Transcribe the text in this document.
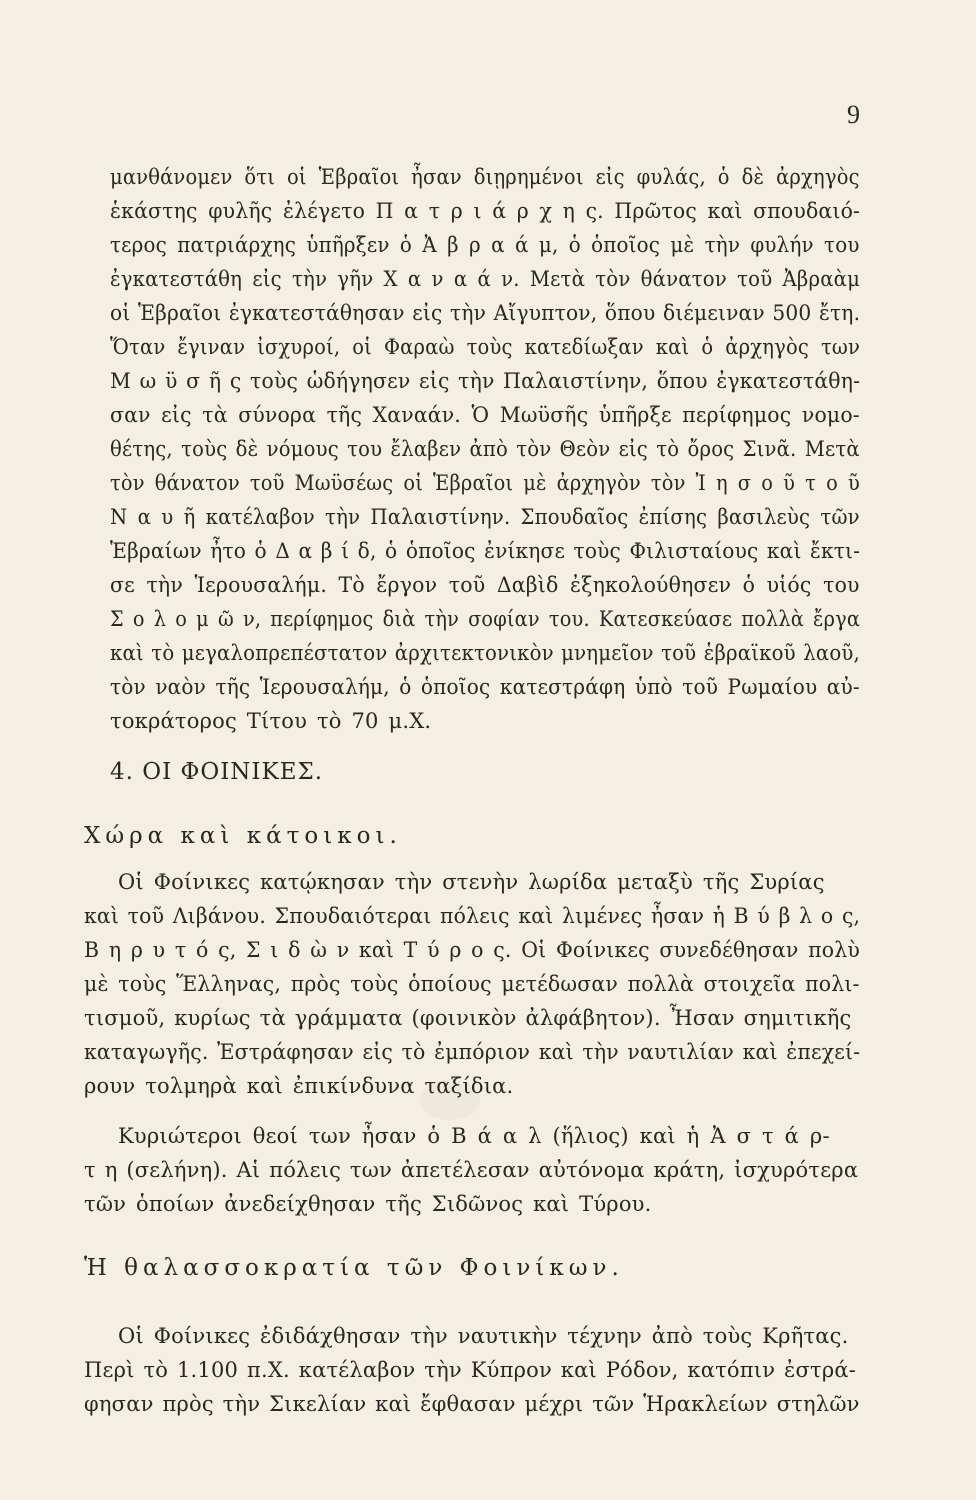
9
μανθάνομεν ὅτι οἱ Ἑβραῖοι ἦσαν διῃρημένοι εἰς φυλάς, ὁ δὲ ἀρχηγὸς
ἑκάστης φυλῆς ἐλέγετο Π α τ ρ ι ά ρ χ η ς. Πρῶτος καὶ σπουδαιό-
τερος πατριάρχης ὑπῆρξεν ὁ Ἀ β ρ α ά μ, ὁ ὁποῖος μὲ τὴν φυλήν του
ἐγκατεστάθη εἰς τὴν γῆν Χ α ν α ά ν. Μετὰ τὸν θάνατον τοῦ Ἀβραὰμ
οἱ Ἑβραῖοι ἐγκατεστάθησαν εἰς τὴν Αἴγυπτον, ὅπου διέμειναν 500 ἔτη.
Ὅταν ἔγιναν ἰσχυροί, οἱ Φαραὼ τοὺς κατεδίωξαν καὶ ὁ ἀρχηγὸς των
Μ ω ϋ σ ῆ ς τοὺς ὡδήγησεν εἰς τὴν Παλαιστίνην, ὅπου ἐγκατεστάθη-
σαν εἰς τὰ σύνορα τῆς Χαναάν. Ὁ Μωϋσῆς ὑπῆρξε περίφημος νομο-
θέτης, τοὺς δὲ νόμους του ἔλαβεν ἀπὸ τὸν Θεὸν εἰς τὸ ὄρος Σινᾶ. Μετὰ
τὸν θάνατον τοῦ Μωϋσέως οἱ Ἑβραῖοι μὲ ἀρχηγὸν τὸν Ἰ η σ ο ῦ τ ο ῦ
Ν α υ ῆ κατέλαβον τὴν Παλαιστίνην. Σπουδαῖος ἐπίσης βασιλεὺς τῶν
Ἑβραίων ἦτο ὁ Δ α β ί δ, ὁ ὁποῖος ἐνίκησε τοὺς Φιλισταίους καὶ ἔκτι-
σε τὴν Ἱερουσαλήμ. Τὸ ἔργον τοῦ Δαβὶδ ἐξηκολούθησεν ὁ υἱός του
Σ ο λ ο μ ῶ ν, περίφημος διὰ τὴν σοφίαν του. Κατεσκεύασε πολλὰ ἔργα
καὶ τὸ μεγαλοπρεπέστατον ἀρχιτεκτονικὸν μνημεῖον τοῦ ἑβραϊκοῦ λαοῦ,
τὸν ναὸν τῆς Ἱερουσαλήμ, ὁ ὁποῖος κατεστράφη ὑπὸ τοῦ Ρωμαίου αὐ-
τοκράτορος Τίτου τὸ 70 μ.Χ.
4. ΟΙ ΦΟΙΝΙΚΕΣ.
Χώρα καὶ κάτοικοι.
Οἱ Φοίνικες κατῴκησαν τὴν στενὴν λωρίδα μεταξὺ τῆς Συρίας
καὶ τοῦ Λιβάνου. Σπουδαιότεραι πόλεις καὶ λιμένες ἦσαν ἡ Β ύ β λ ο ς,
Β η ρ υ τ ό ς, Σ ι δ ὼ ν καὶ Τ ύ ρ ο ς. Οἱ Φοίνικες συνεδέθησαν πολὺ
μὲ τοὺς Ἕλληνας, πρὸς τοὺς ὁποίους μετέδωσαν πολλὰ στοιχεῖα πολι-
τισμοῦ, κυρίως τὰ γράμματα (φοινικὸν ἀλφάβητον). Ἦσαν σημιτικῆς
καταγωγῆς. Ἐστράφησαν εἰς τὸ ἐμπόριον καὶ τὴν ναυτιλίαν καὶ ἐπεχεί-
ρουν τολμηρὰ καὶ ἐπικίνδυνα ταξίδια.
Κυριώτεροι θεοί των ἦσαν ὁ Β ά α λ (ἥλιος) καὶ ἡ Ἀ σ τ ά ρ-
τ η (σελήνη). Αἱ πόλεις των ἀπετέλεσαν αὐτόνομα κράτη, ἰσχυρότερα
τῶν ὁποίων ἀνεδείχθησαν τῆς Σιδῶνος καὶ Τύρου.
Ἡ θαλασσοκρατία τῶν Φοινίκων.
Οἱ Φοίνικες ἐδιδάχθησαν τὴν ναυτικὴν τέχνην ἀπὸ τοὺς Κρῆτας.
Περὶ τὸ 1.100 π.Χ. κατέλαβον τὴν Κύπρον καὶ Ρόδον, κατόπιν ἐστρά-
φησαν πρὸς τὴν Σικελίαν καὶ ἔφθασαν μέχρι τῶν Ἡρακλείων στηλῶν
